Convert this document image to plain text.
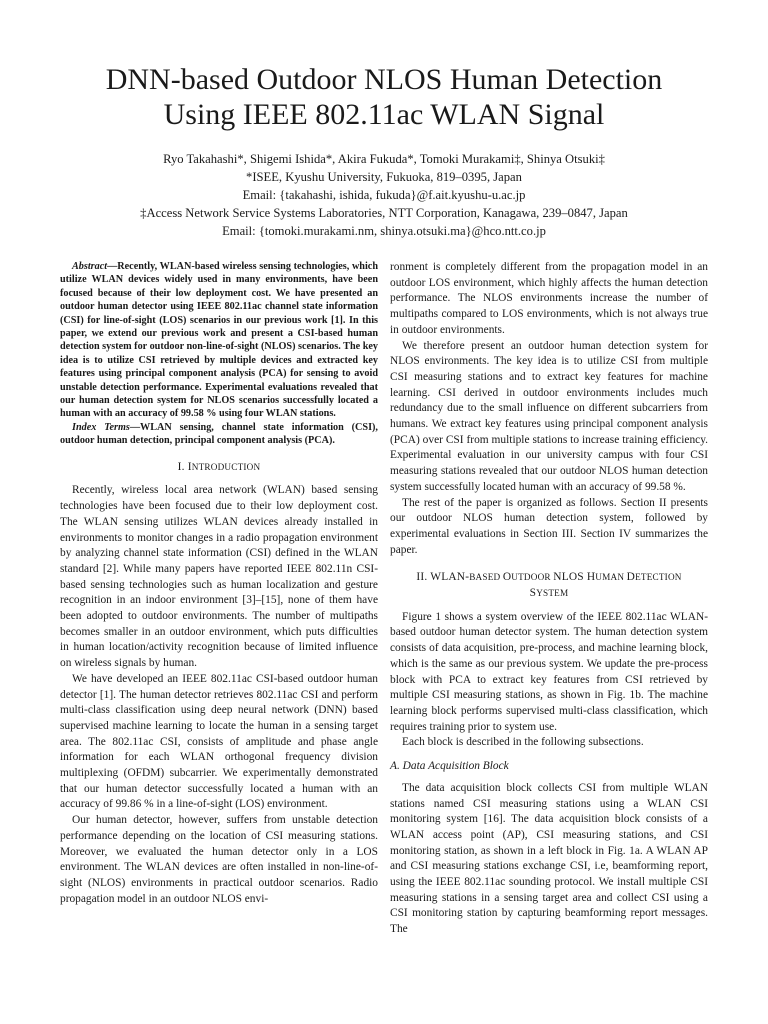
DNN-based Outdoor NLOS Human Detection
Using IEEE 802.11ac WLAN Signal
Ryo Takahashi*, Shigemi Ishida*, Akira Fukuda*, Tomoki Murakami‡, Shinya Otsuki‡
*ISEE, Kyushu University, Fukuoka, 819–0395, Japan
Email: {takahashi, ishida, fukuda}@f.ait.kyushu-u.ac.jp
‡Access Network Service Systems Laboratories, NTT Corporation, Kanagawa, 239–0847, Japan
Email: {tomoki.murakami.nm, shinya.otsuki.ma}@hco.ntt.co.jp

Abstract—Recently, WLAN-based wireless sensing technologies, which utilize WLAN devices widely used in many environments, have been focused because of their low deployment cost. We have presented an outdoor human detector using IEEE 802.11ac channel state information (CSI) for line-of-sight (LOS) scenarios in our previous work [1]. In this paper, we extend our previous work and present a CSI-based human detection system for outdoor non-line-of-sight (NLOS) scenarios. The key idea is to utilize CSI retrieved by multiple devices and extracted key features using principal component analysis (PCA) for sensing to avoid unstable detection performance. Experimental evaluations revealed that our human detection system for NLOS scenarios successfully located a human with an accuracy of 99.58 % using four WLAN stations.

Index Terms—WLAN sensing, channel state information (CSI), outdoor human detection, principal component analysis (PCA).

I. INTRODUCTION

Recently, wireless local area network (WLAN) based sensing technologies have been focused due to their low deployment cost. The WLAN sensing utilizes WLAN devices already installed in environments to monitor changes in a radio propagation environment by analyzing channel state information (CSI) defined in the WLAN standard [2]. While many papers have reported IEEE 802.11n CSI-based sensing technologies such as human localization and gesture recognition in an indoor environment [3]–[15], none of them have been adopted to outdoor environments. The number of multipaths becomes smaller in an outdoor environment, which puts difficulties in human location/activity recognition because of limited influence on wireless signals by human.

We have developed an IEEE 802.11ac CSI-based outdoor human detector [1]. The human detector retrieves 802.11ac CSI and perform multi-class classification using deep neural network (DNN) based supervised machine learning to locate the human in a sensing target area. The 802.11ac CSI, consists of amplitude and phase angle information for each WLAN orthogonal frequency division multiplexing (OFDM) subcarrier. We experimentally demonstrated that our human detector successfully located a human with an accuracy of 99.86 % in a line-of-sight (LOS) environment.

Our human detector, however, suffers from unstable detection performance depending on the location of CSI measuring stations. Moreover, we evaluated the human detector only in a LOS environment. The WLAN devices are often installed in non-line-of-sight (NLOS) environments in practical outdoor scenarios. Radio propagation model in an outdoor NLOS envi-

ronment is completely different from the propagation model in an outdoor LOS environment, which highly affects the human detection performance. The NLOS environments increase the number of multipaths compared to LOS environments, which is not always true in outdoor environments.

We therefore present an outdoor human detection system for NLOS environments. The key idea is to utilize CSI from multiple CSI measuring stations and to extract key features for machine learning. CSI derived in outdoor environments includes much redundancy due to the small influence on different subcarriers from humans. We extract key features using principal component analysis (PCA) over CSI from multiple stations to increase training efficiency. Experimental evaluation in our university campus with four CSI measuring stations revealed that our outdoor NLOS human detection system successfully located human with an accuracy of 99.58 %.

The rest of the paper is organized as follows. Section II presents our outdoor NLOS human detection system, followed by experimental evaluations in Section III. Section IV summarizes the paper.

II. WLAN-BASED OUTDOOR NLOS HUMAN DETECTION
SYSTEM

Figure 1 shows a system overview of the IEEE 802.11ac WLAN-based outdoor human detector system. The human detection system consists of data acquisition, pre-process, and machine learning block, which is the same as our previous system. We update the pre-process block with PCA to extract key features from CSI retrieved by multiple CSI measuring stations, as shown in Fig. 1b. The machine learning block performs supervised multi-class classification, which requires training prior to system use.

Each block is described in the following subsections.

A. Data Acquisition Block

The data acquisition block collects CSI from multiple WLAN stations named CSI measuring stations using a WLAN CSI monitoring system [16]. The data acquisition block consists of a WLAN access point (AP), CSI measuring stations, and CSI monitoring station, as shown in a left block in Fig. 1a. A WLAN AP and CSI measuring stations exchange CSI, i.e, beamforming report, using the IEEE 802.11ac sounding protocol. We install multiple CSI measuring stations in a sensing target area and collect CSI using a CSI monitoring station by capturing beamforming report messages. The
